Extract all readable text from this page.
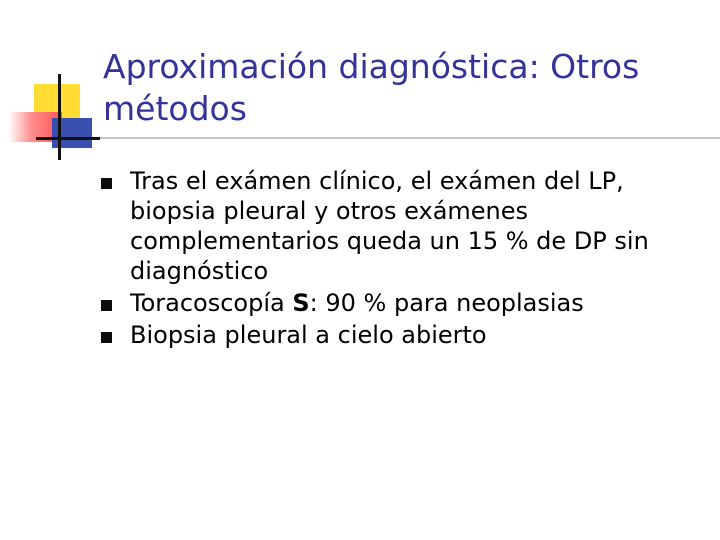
Aproximación diagnóstica: Otros métodos
Tras el exámen clínico, el exámen del LP, biopsia pleural y otros exámenes complementarios queda un 15 % de DP sin diagnóstico
Toracoscopía S: 90 % para neoplasias
Biopsia pleural a cielo abierto
